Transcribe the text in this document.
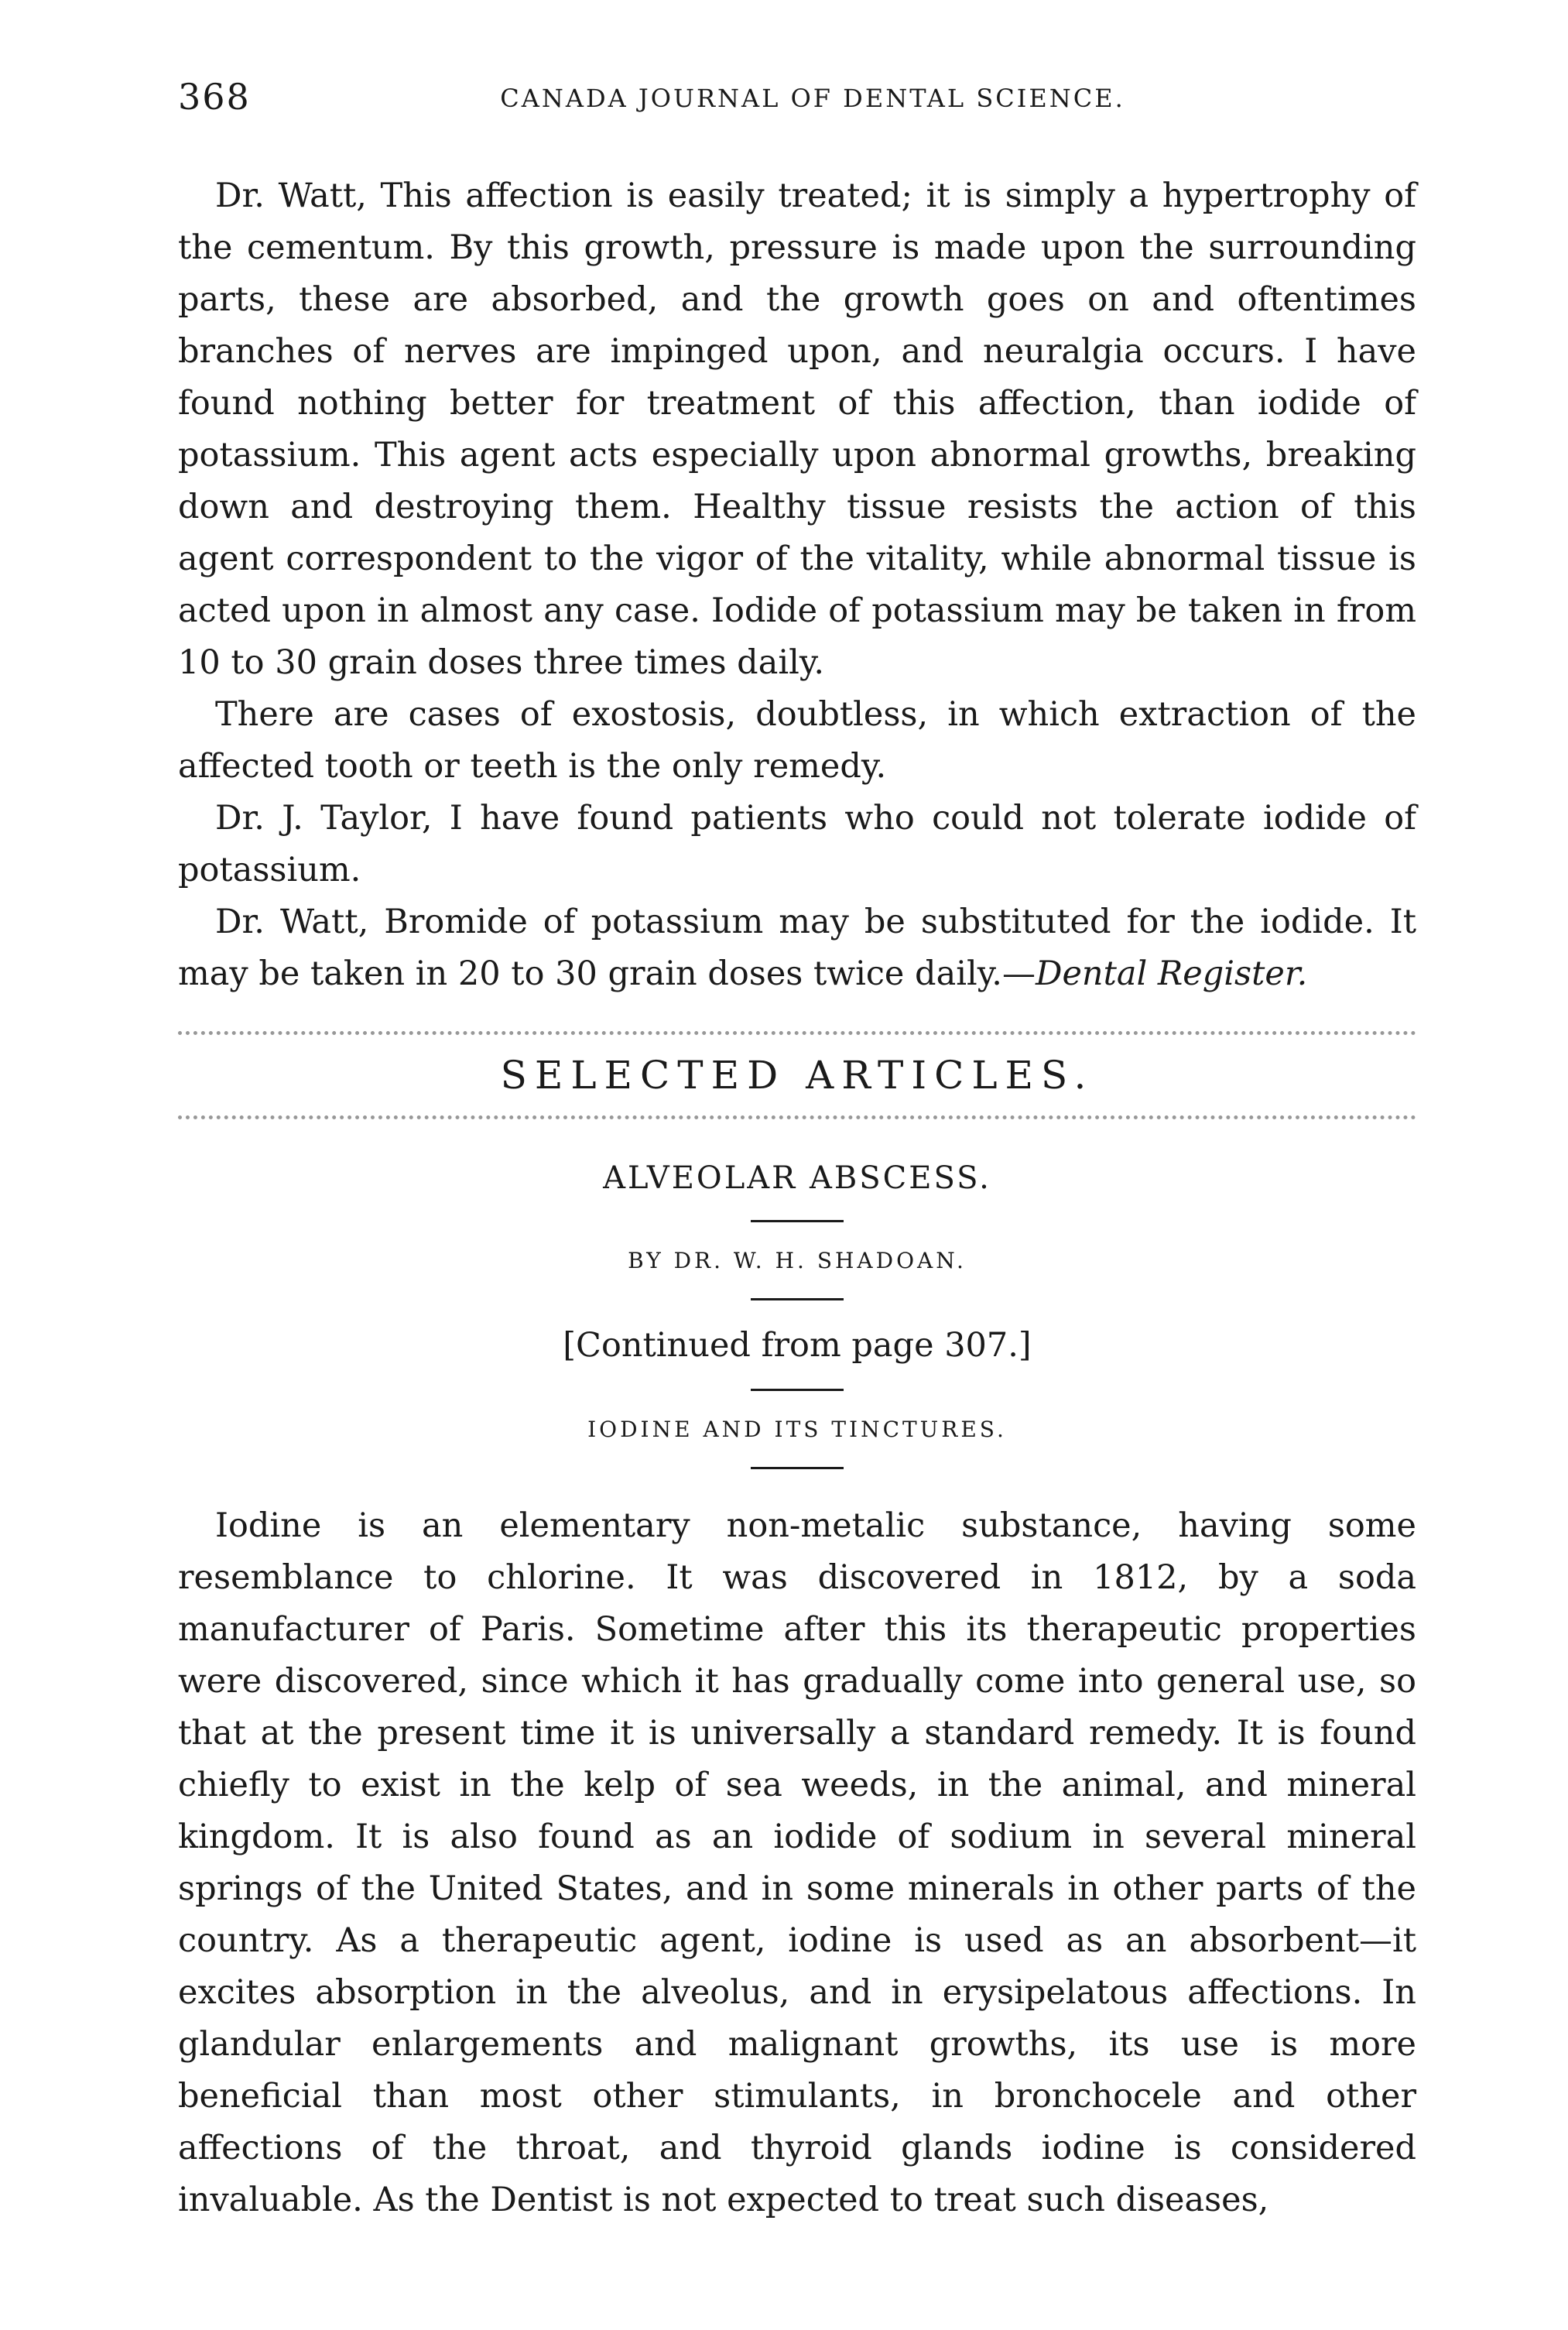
368	CANADA JOURNAL OF DENTAL SCIENCE.

Dr. Watt, This affection is easily treated; it is simply a hypertrophy of the cementum. By this growth, pressure is made upon the surrounding parts, these are absorbed, and the growth goes on and oftentimes branches of nerves are impinged upon, and neuralgia occurs. I have found nothing better for treatment of this affection, than iodide of potassium. This agent acts especially upon abnormal growths, breaking down and destroying them. Healthy tissue resists the action of this agent correspondent to the vigor of the vitality, while abnormal tissue is acted upon in almost any case. Iodide of potassium may be taken in from 10 to 30 grain doses three times daily.

There are cases of exostosis, doubtless, in which extraction of the affected tooth or teeth is the only remedy.

Dr. J. Taylor, I have found patients who could not tolerate iodide of potassium.

Dr. Watt, Bromide of potassium may be substituted for the iodide. It may be taken in 20 to 30 grain doses twice daily.—Dental Register.

SELECTED ARTICLES.
ALVEOLAR ABSCESS.
BY DR. W. H. SHADOAN.
[Continued from page 307.]
IODINE AND ITS TINCTURES.

Iodine is an elementary non-metalic substance, having some resemblance to chlorine. It was discovered in 1812, by a soda manufacturer of Paris. Sometime after this its therapeutic properties were discovered, since which it has gradually come into general use, so that at the present time it is universally a standard remedy. It is found chiefly to exist in the kelp of sea weeds, in the animal, and mineral kingdom. It is also found as an iodide of sodium in several mineral springs of the United States, and in some minerals in other parts of the country. As a therapeutic agent, iodine is used as an absorbent—it excites absorption in the alveolus, and in erysipelatous affections. In glandular enlargements and malignant growths, its use is more beneficial than most other stimulants, in bronchocele and other affections of the throat, and thyroid glands iodine is considered invaluable. As the Dentist is not expected to treat such diseases,
